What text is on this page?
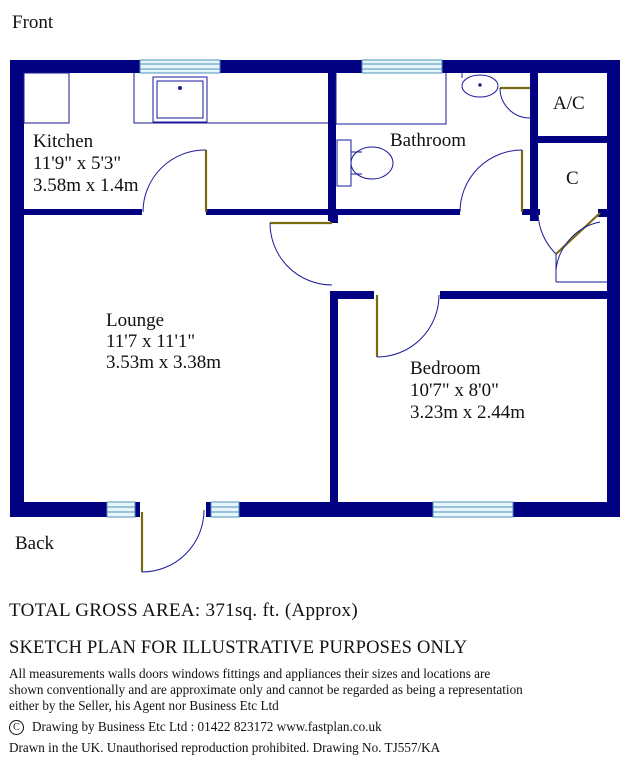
Front
Back
Kitchen
11'9" x 5'3"
3.58m x 1.4m
Bathroom
A/C
C
Lounge
11'7 x 11'1"
3.53m x 3.38m	Bedroom
10'7" x 8'0"
3.23m x 2.44m
TOTAL GROSS AREA: 371sq. ft. (Approx)
SKETCH PLAN FOR ILLUSTRATIVE PURPOSES ONLY
All measurements walls doors windows fittings and appliances their sizes and locations are
shown conventionally and are approximate only and cannot be regarded as being a representation
either by the Seller, his Agent nor Business Etc Ltd
C Drawing by Business Etc Ltd : 01422 823172 www.fastplan.co.uk
Drawn in the UK. Unauthorised reproduction prohibited. Drawing No. TJ557/KA
